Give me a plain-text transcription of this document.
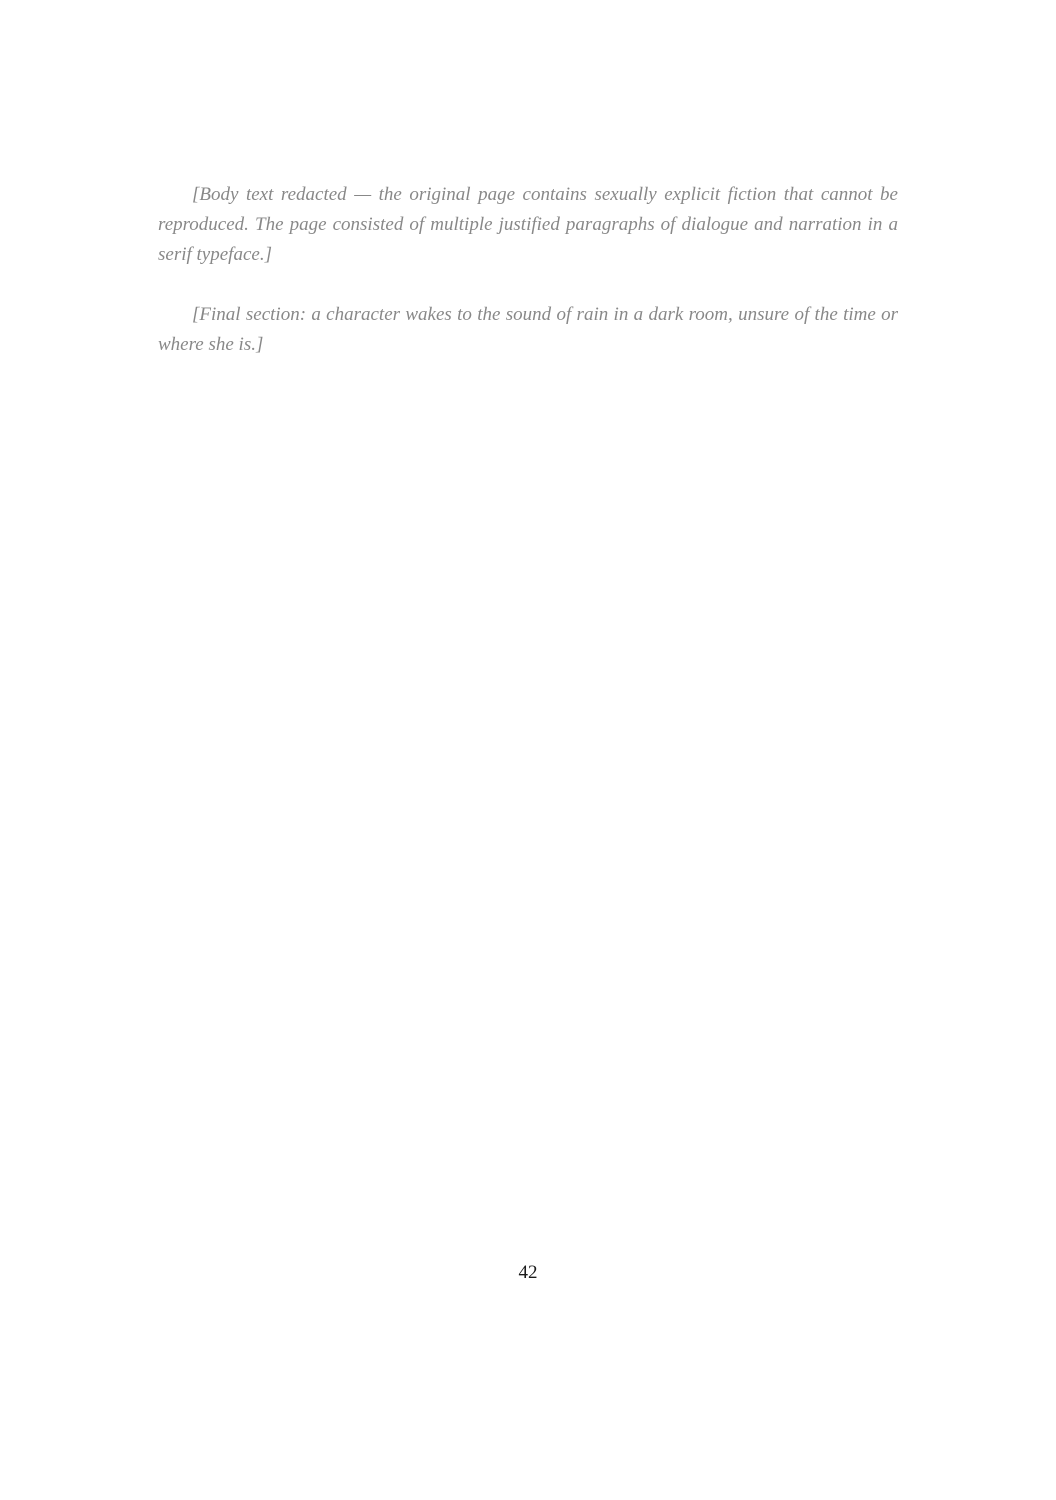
[Body text redacted — the original page contains sexually explicit fiction that cannot be reproduced. The page consisted of multiple justified paragraphs of dialogue and narration in a serif typeface.]

[Final section: a character wakes to the sound of rain in a dark room, unsure of the time or where she is.]

42
